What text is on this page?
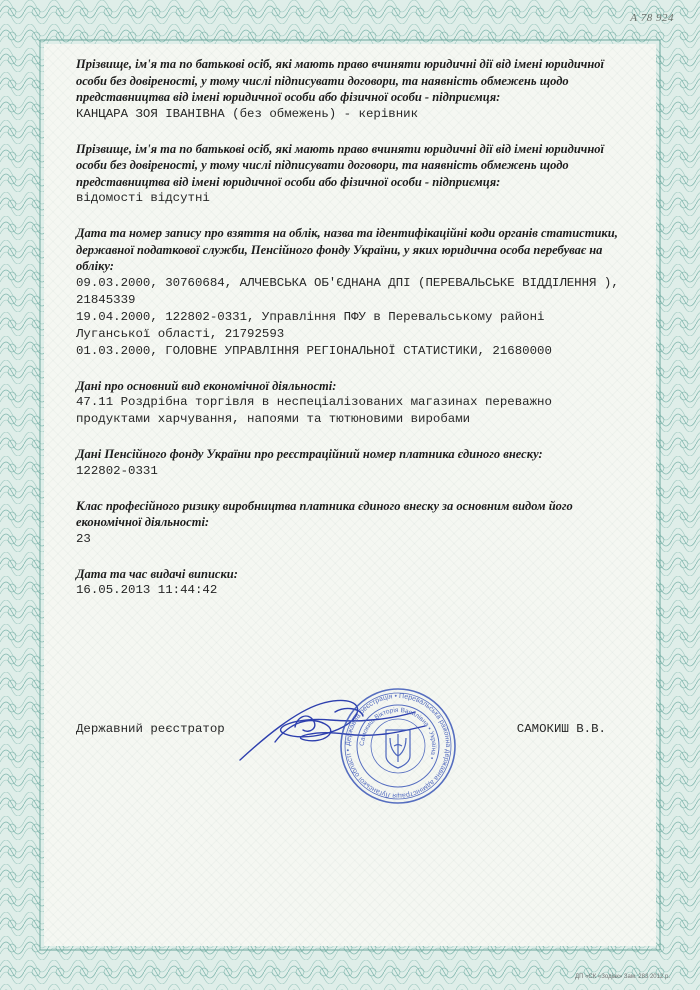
А 78 924

Прізвище, ім'я та по батькові осіб, які мають право вчиняти юридичні дії від імені юридичної особи без довіреності, у тому числі підписувати договори, та наявність обмежень щодо представництва від імені юридичної особи або фізичної особи - підприємця:

КАНЦАРА ЗОЯ ІВАНІВНА (без обмежень) - керівник

Прізвище, ім'я та по батькові осіб, які мають право вчиняти юридичні дії від імені юридичної особи без довіреності, у тому числі підписувати договори, та наявність обмежень щодо представництва від імені юридичної особи або фізичної особи - підприємця:

відомості відсутні

Дата та номер запису про взяття на облік, назва та ідентифікаційні коди органів статистики, державної податкової служби, Пенсійного фонду України, у яких юридична особа перебуває на обліку:

09.03.2000, 30760684, АЛЧЕВСЬКА ОБ'ЄДНАНА ДПІ (ПЕРЕВАЛЬСЬКЕ ВІДДІЛЕННЯ ), 21845339

19.04.2000, 122802-0331, Управління ПФУ в Перевальському районі Луганської області, 21792593

01.03.2000, ГОЛОВНЕ УПРАВЛІННЯ РЕГІОНАЛЬНОЇ СТАТИСТИКИ, 21680000

Дані про основний вид економічної діяльності:

47.11 Роздрібна торгівля в неспеціалізованих магазинах переважно продуктами харчування, напоями та тютюновими виробами

Дані Пенсійного фонду України про реєстраційний номер платника єдиного внеску:

122802-0331

Клас професійного ризику виробництва платника єдиного внеску за основним видом його економічної діяльності:

23

Дата та час видачі виписки:

16.05.2013 11:44:42

Державний реєстратор	САМОКИШ В.В.
Державна реєстрація • Перевальська районна державна адміністрація Луганської області •
Самокиш Вікторія Василівна • Україна •
ДП «СК «Зодіак» Зам. 283 2012 р.
